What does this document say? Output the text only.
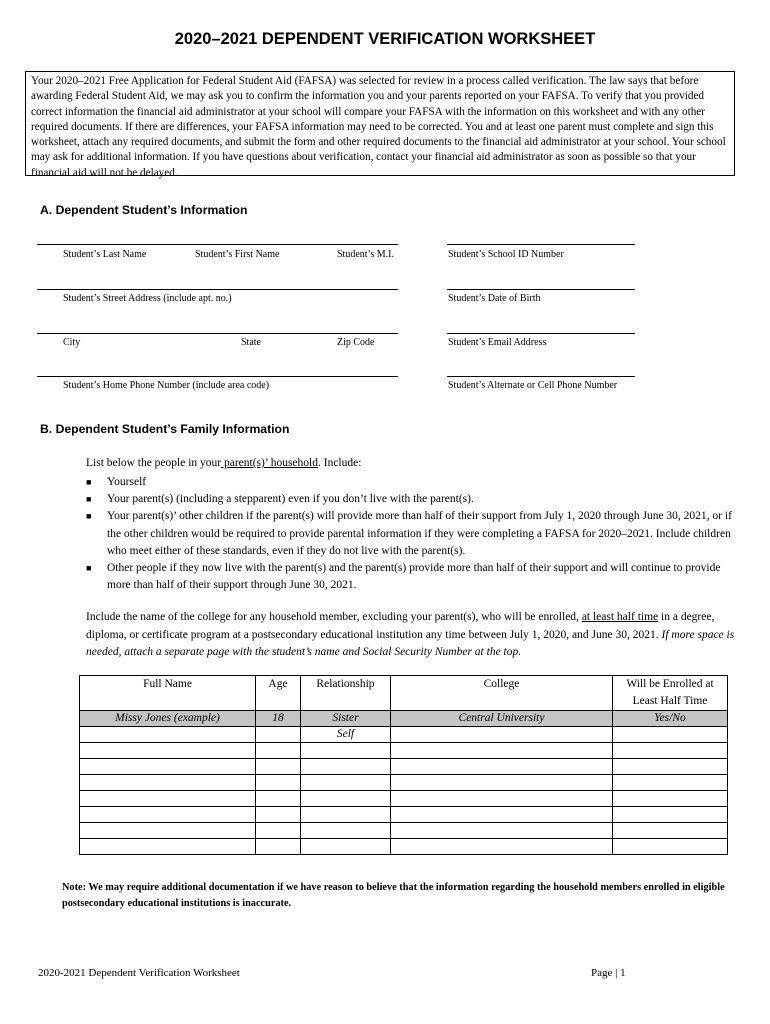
2020–2021 DEPENDENT VERIFICATION WORKSHEET
Your 2020–2021 Free Application for Federal Student Aid (FAFSA) was selected for review in a process called verification. The law says that before awarding Federal Student Aid, we may ask you to confirm the information you and your parents reported on your FAFSA. To verify that you provided correct information the financial aid administrator at your school will compare your FAFSA with the information on this worksheet and with any other required documents. If there are differences, your FAFSA information may need to be corrected. You and at least one parent must complete and sign this worksheet, attach any required documents, and submit the form and other required documents to the financial aid administrator at your school. Your school may ask for additional information. If you have questions about verification, contact your financial aid administrator as soon as possible so that your financial aid will not be delayed.
A. Dependent Student’s Information
Student’s Last Name	Student’s First Name	Student’s M.I.	Student’s School ID Number
Student’s Street Address (include apt. no.)	Student’s Date of Birth
City	State	Zip Code	Student’s Email Address
Student’s Home Phone Number (include area code)	Student’s Alternate or Cell Phone Number
B. Dependent Student’s Family Information
List below the people in your parent(s)’ household. Include:
■	Yourself
■	Your parent(s) (including a stepparent) even if you don’t live with the parent(s).
■	Your parent(s)’ other children if the parent(s) will provide more than half of their support from July 1, 2020 through June 30, 2021, or if the other children would be required to provide parental information if they were completing a FAFSA for 2020–2021. Include children who meet either of these standards, even if they do not live with the parent(s).
■	Other people if they now live with the parent(s) and the parent(s) provide more than half of their support and will continue to provide more than half of their support through June 30, 2021.
Include the name of the college for any household member, excluding your parent(s), who will be enrolled, at least half time in a degree, diploma, or certificate program at a postsecondary educational institution any time between July 1, 2020, and June 30, 2021. If more space is needed, attach a separate page with the student’s name and Social Security Number at the top.
Full Name	Age	Relationship	College	Will be Enrolled at Least Half Time
Missy Jones (example)	18	Sister	Central University	Yes/No
		Self		

Note: We may require additional documentation if we have reason to believe that the information regarding the household members enrolled in eligible postsecondary educational institutions is inaccurate.
2020-2021 Dependent Verification Worksheet	Page | 1
